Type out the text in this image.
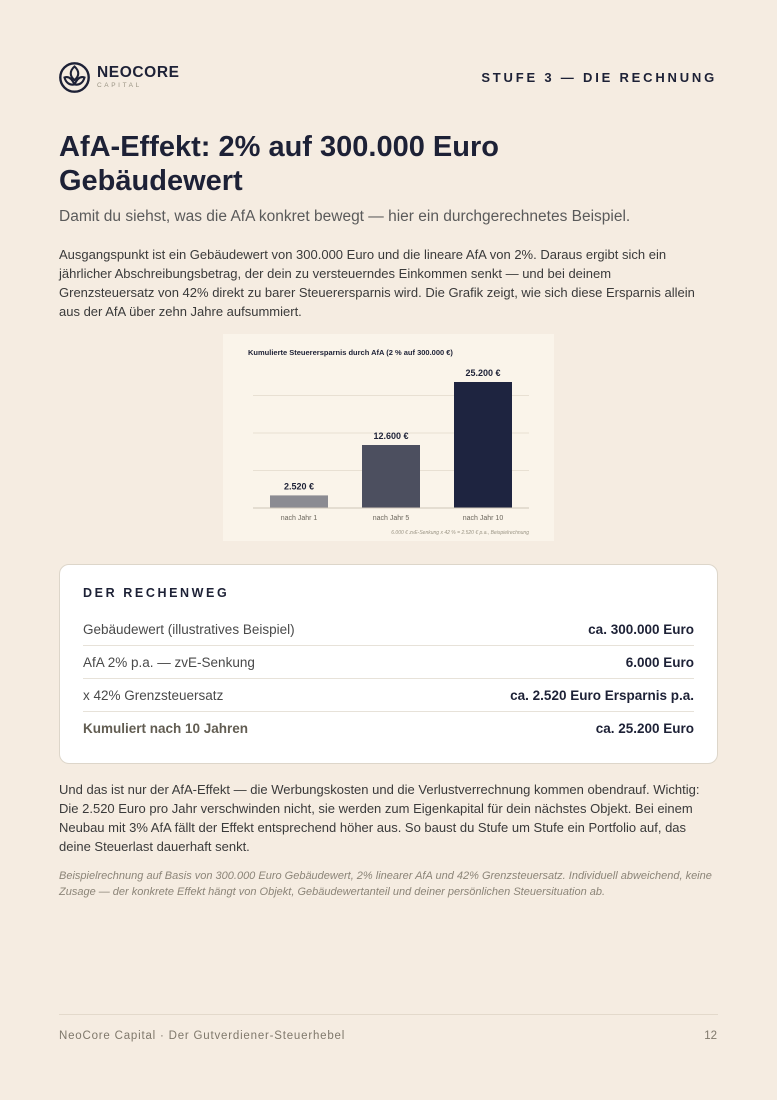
NEOCORE
CAPITAL
STUFE 3 — DIE RECHNUNG
AfA-Effekt: 2% auf 300.000 Euro Gebäudewert

Damit du siehst, was die AfA konkret bewegt — hier ein durchgerechnetes Beispiel.

Ausgangspunkt ist ein Gebäudewert von 300.000 Euro und die lineare AfA von 2%. Daraus ergibt sich ein jährlicher Abschreibungsbetrag, der dein zu versteuerndes Einkommen senkt — und bei deinem Grenzsteuersatz von 42% direkt zu barer Steuerersparnis wird. Die Grafik zeigt, wie sich diese Ersparnis allein aus der AfA über zehn Jahre aufsummiert.

Kumulierte Steuerersparnis durch AfA (2 % auf 300.000 €)
2.520 €
nach Jahr 1
12.600 €
nach Jahr 5
25.200 €
nach Jahr 10
6.000 € zvE-Senkung x 42 % = 2.520 € p.a., Beispielrechnung
DER RECHENWEG
Gebäudewert (illustratives Beispiel)	ca. 300.000 Euro
AfA 2% p.a. — zvE-Senkung	6.000 Euro
x 42% Grenzsteuersatz	ca. 2.520 Euro Ersparnis p.a.
Kumuliert nach 10 Jahren	ca. 25.200 Euro

Und das ist nur der AfA-Effekt — die Werbungskosten und die Verlustverrechnung kommen obendrauf. Wichtig: Die 2.520 Euro pro Jahr verschwinden nicht, sie werden zum Eigenkapital für dein nächstes Objekt. Bei einem Neubau mit 3% AfA fällt der Effekt entsprechend höher aus. So baust du Stufe um Stufe ein Portfolio auf, das deine Steuerlast dauerhaft senkt.

Beispielrechnung auf Basis von 300.000 Euro Gebäudewert, 2% linearer AfA und 42% Grenzsteuersatz. Individuell abweichend, keine Zusage — der konkrete Effekt hängt von Objekt, Gebäudewertanteil und deiner persönlichen Steuersituation ab.

NeoCore Capital · Der Gutverdiener-Steuerhebel	12
